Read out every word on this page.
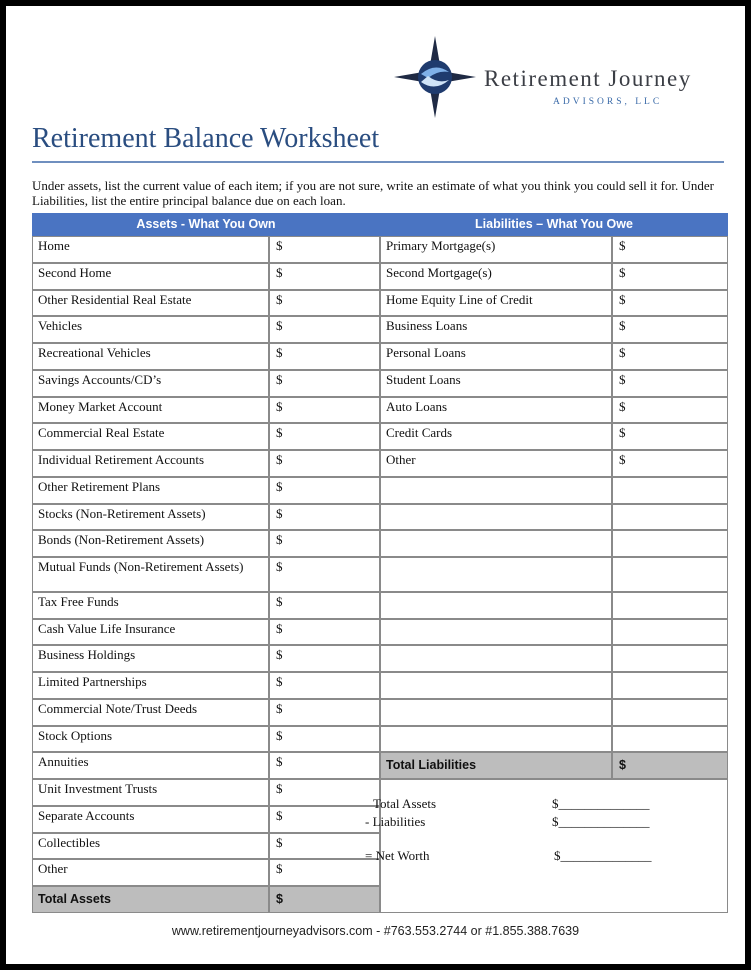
Retirement Journey
ADVISORS, LLC
Retirement Balance Worksheet
Under assets, list the current value of each item; if you are not sure, write an estimate of what you think you could sell it for. Under Liabilities, list the entire principal balance due on each loan.
Assets - What You Own	Liabilities – What You Owe
Home	$
Second Home	$
Other Residential Real Estate	$
Vehicles	$
Recreational Vehicles	$
Savings Accounts/CD’s	$
Money Market Account	$
Commercial Real Estate	$
Individual Retirement Accounts	$
Other Retirement Plans	$
Stocks (Non-Retirement Assets)	$
Bonds (Non-Retirement Assets)	$
Mutual Funds (Non-Retirement Assets)	$
Tax Free Funds	$
Cash Value Life Insurance	$
Business Holdings	$
Limited Partnerships	$
Commercial Note/Trust Deeds	$
Stock Options	$
Annuities	$
Unit Investment Trusts	$
Separate Accounts	$
Collectibles	$
Other	$
Total Assets	$
Primary Mortgage(s)	$
Second Mortgage(s)	$
Home Equity Line of Credit	$
Business Loans	$
Personal Loans	$
Student Loans	$
Auto Loans	$
Credit Cards	$
Other	$
Total Liabilities	$
Total Assets	$______________
- Liabilities	$______________
= Net Worth	$______________
www.retirementjourneyadvisors.com - #763.553.2744 or #1.855.388.7639
